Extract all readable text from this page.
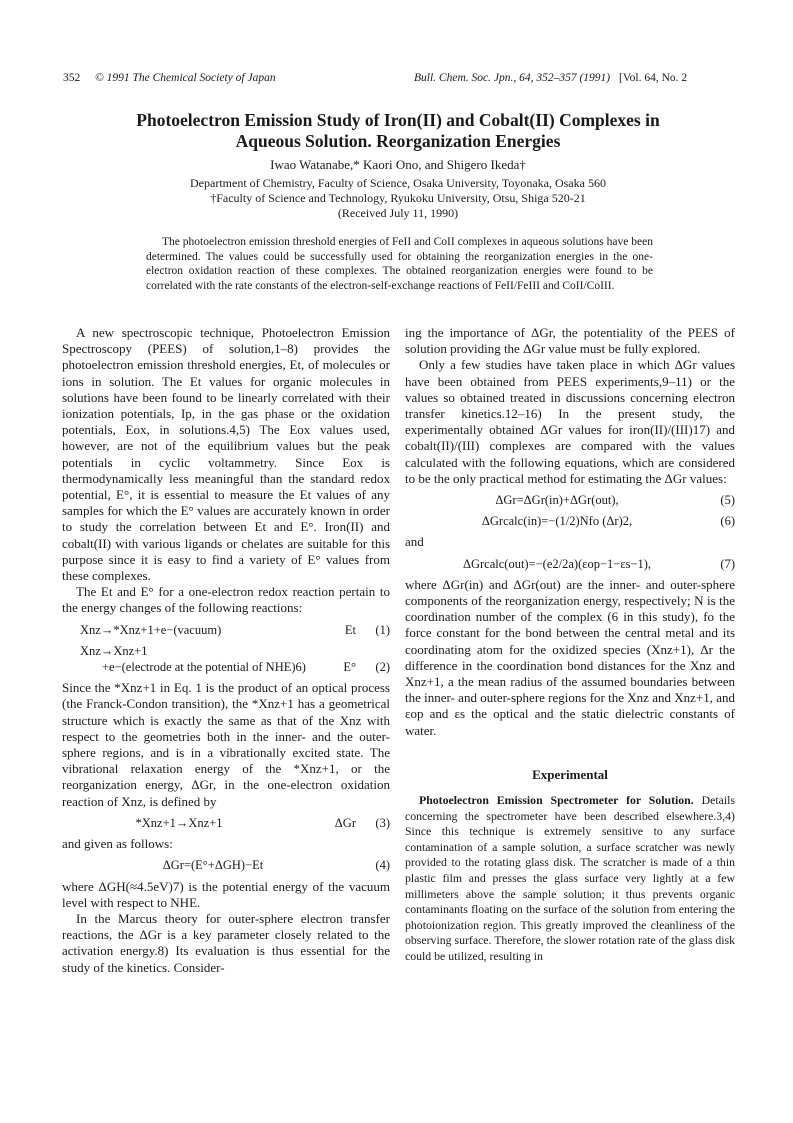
352 © 1991 The Chemical Society of Japan	Bull. Chem. Soc. Jpn., 64, 352–357 (1991) [Vol. 64, No. 2
Photoelectron Emission Study of Iron(II) and Cobalt(II) Complexes in
Aqueous Solution. Reorganization Energies
Iwao Watanabe,* Kaori Ono, and Shigero Ikeda†
Department of Chemistry, Faculty of Science, Osaka University, Toyonaka, Osaka 560
†Faculty of Science and Technology, Ryukoku University, Otsu, Shiga 520-21
(Received July 11, 1990)
The photoelectron emission threshold energies of FeII and CoII complexes in aqueous solutions have been determined. The values could be successfully used for obtaining the reorganization energies in the one-electron oxidation reaction of these complexes. The obtained reorganization energies were found to be correlated with the rate constants of the electron-self-exchange reactions of FeII/FeIII and CoII/CoIII.

A new spectroscopic technique, Photoelectron Emission Spectroscopy (PEES) of solution,1–8) provides the photoelectron emission threshold energies, Et, of molecules or ions in solution. The Et values for organic molecules in solutions have been found to be linearly correlated with their ionization potentials, Ip, in the gas phase or the oxidation potentials, Eox, in solutions.4,5) The Eox values used, however, are not of the equilibrium values but the peak potentials in cyclic voltammetry. Since Eox is thermodynamically less meaningful than the standard redox potential, E°, it is essential to measure the Et values of any samples for which the E° values are accurately known in order to study the correlation between Et and E°. Iron(II) and cobalt(II) with various ligands or chelates are suitable for this purpose since it is easy to find a variety of E° values from these complexes.

The Et and E° for a one-electron redox reaction pertain to the energy changes of the following reactions:

Xnz→*Xnz+1+e−(vacuum)	Et	(1)
Xnz→Xnz+1
+e−(electrode at the potential of NHE)6)	E°	(2)

Since the *Xnz+1 in Eq. 1 is the product of an optical process (the Franck-Condon transition), the *Xnz+1 has a geometrical structure which is exactly the same as that of the Xnz with respect to the geometries both in the inner- and the outer-sphere regions, and is in a vibrationally excited state. The vibrational relaxation energy of the *Xnz+1, or the reorganization energy, ΔGr, in the one-electron oxidation reaction of Xnz, is defined by

*Xnz+1→Xnz+1	ΔGr	(3)

and given as follows:

ΔGr=(E°+ΔGH)−Et	(4)

where ΔGH(≈4.5eV)7) is the potential energy of the vacuum level with respect to NHE.

In the Marcus theory for outer-sphere electron transfer reactions, the ΔGr is a key parameter closely related to the activation energy.8) Its evaluation is thus essential for the study of the kinetics. Consider-

ing the importance of ΔGr, the potentiality of the PEES of solution providing the ΔGr value must be fully explored.

Only a few studies have taken place in which ΔGr values have been obtained from PEES experiments,9–11) or the values so obtained treated in discussions concerning electron transfer kinetics.12–16) In the present study, the experimentally obtained ΔGr values for iron(II)/(III)17) and cobalt(II)/(III) complexes are compared with the values calculated with the following equations, which are considered to be the only practical method for estimating the ΔGr values:

ΔGr=ΔGr(in)+ΔGr(out),	(5)
ΔGrcalc(in)=−(1/2)Nfo (Δr)2,	(6)

and

ΔGrcalc(out)=−(e2/2a)(εop−1−εs−1),	(7)

where ΔGr(in) and ΔGr(out) are the inner- and outer-sphere components of the reorganization energy, respectively; N is the coordination number of the complex (6 in this study), fo the force constant for the bond between the central metal and its coordinating atom for the oxidized species (Xnz+1), Δr the difference in the coordination bond distances for the Xnz and Xnz+1, a the mean radius of the assumed boundaries between the inner- and outer-sphere regions for the Xnz and Xnz+1, and εop and εs the optical and the static dielectric constants of water.

Experimental

Photoelectron Emission Spectrometer for Solution. Details concerning the spectrometer have been described elsewhere.3,4) Since this technique is extremely sensitive to any surface contamination of a sample solution, a surface scratcher was newly provided to the rotating glass disk. The scratcher is made of a thin plastic film and presses the glass surface very lightly at a few millimeters above the sample solution; it thus prevents organic contaminants floating on the surface of the solution from entering the photoionization region. This greatly improved the cleanliness of the observing surface. Therefore, the slower rotation rate of the glass disk could be utilized, resulting in
